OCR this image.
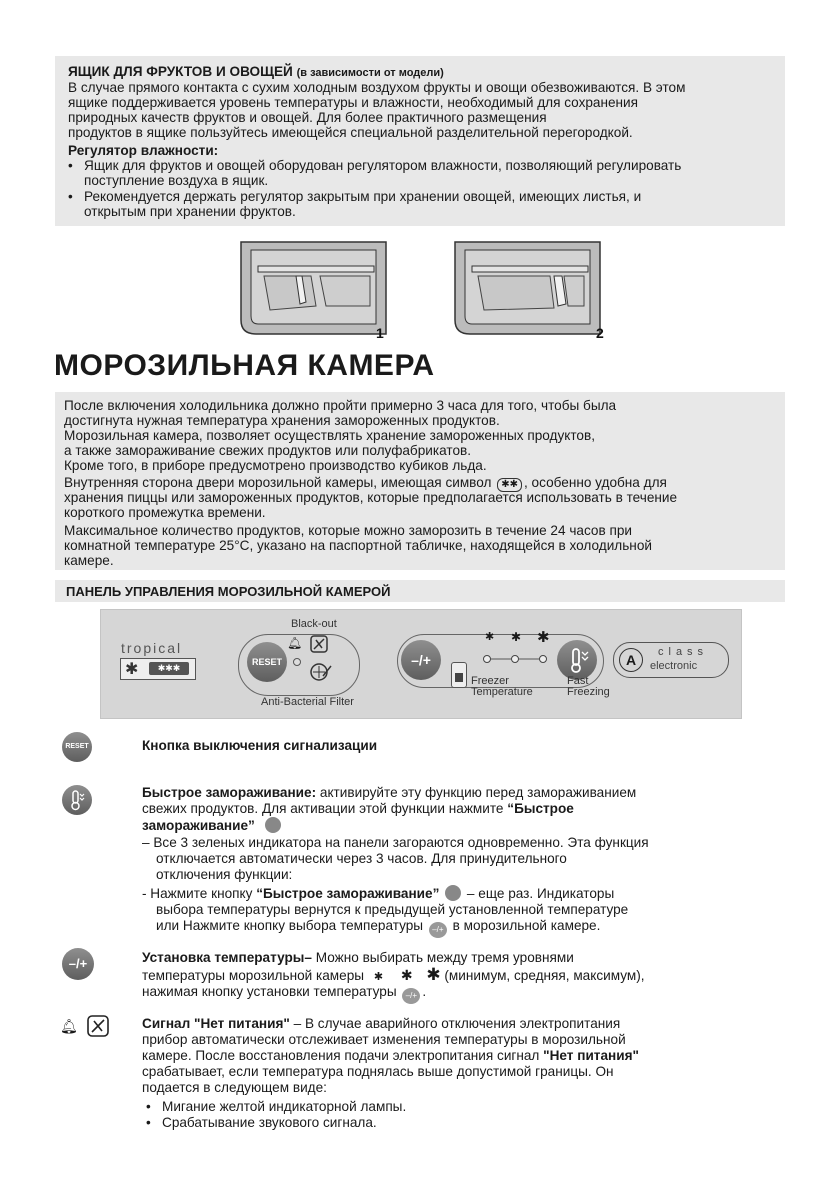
ЯЩИК ДЛЯ ФРУКТОВ И ОВОЩЕЙ (в зависимости от модели)

В случае прямого контакта с сухим холодным воздухом фрукты и овощи обезвоживаются. В этом

ящике поддерживается уровень температуры и влажности, необходимый для сохранения

природных качеств фруктов и овощей. Для более практичного размещения

продуктов в ящике пользуйтесь имеющейся специальной разделительной перегородкой.

Регулятор влажности:

• Ящик для фруктов и овощей оборудован регулятором влажности, позволяющий регулировать

поступление воздуха в ящик.

• Рекомендуется держать регулятор закрытым при хранении овощей, имеющих листья, и

открытым при хранении фруктов.

1	2
МОРОЗИЛЬНАЯ КАМЕРА

После включения холодильника должно пройти примерно 3 часа для того, чтобы была

достигнута нужная температура хранения замороженных продуктов.

Морозильная камера, позволяет осуществлять хранение замороженных продуктов,

а также замораживание свежих продуктов или полуфабрикатов.

Кроме того, в приборе предусмотрено производство кубиков льда.

Внутренняя сторона двери морозильной камеры, имеющая символ ✱✱ , особенно удобна для

хранения пиццы или замороженных продуктов, которые предполагается использовать в течение

короткого промежутка времени.

Максимальное количество продуктов, которые можно заморозить в течение 24 часов при

комнатной температуре 25°С, указано на паспортной табличке, находящейся в холодильной

камере.

ПАНЕЛЬ УПРАВЛЕНИЯ МОРОЗИЛЬНОЙ КАМЕРОЙ
tropical
✱	✱✱✱
Black-out
RESET
🔔︎
Anti-Bacterial Filter
–/+
✱ ✱ ✱
Freezer
Temperature
Fast
Freezing
A	class
electronic
RESET	Кнопка выключения сигнализации

Быстрое замораживание: активируйте эту функцию перед замораживанием

свежих продуктов. Для активации этой функции нажмите “Быстрое

замораживание”

– Все 3 зеленых индикатора на панели загораются одновременно. Эта функция

отключается автоматически через 3 часов. Для принудительного

отключения функции:

- Нажмите кнопку “Быстрое замораживание”  – еще раз. Индикаторы

выбора температуры вернутся к предыдущей установленной температуре

или Нажмите кнопку выбора температуры –/+ в морозильной камере.

–/+	Установка температуры– Можно выбирать между тремя уровнями

температуры морозильной камеры ✱ ✱ ✱ (минимум, средняя, максимум),

нажимая кнопку установки температуры –/+ .

🔔︎	Сигнал "Нет питания" – В случае аварийного отключения электропитания

прибор автоматически отслеживает изменения температуры в морозильной

камере. После восстановления подачи электропитания сигнал "Нет питания"

срабатывает, если температура поднялась выше допустимой границы. Он

подается в следующем виде:

• Мигание желтой индикаторной лампы.

• Срабатывание звукового сигнала.
